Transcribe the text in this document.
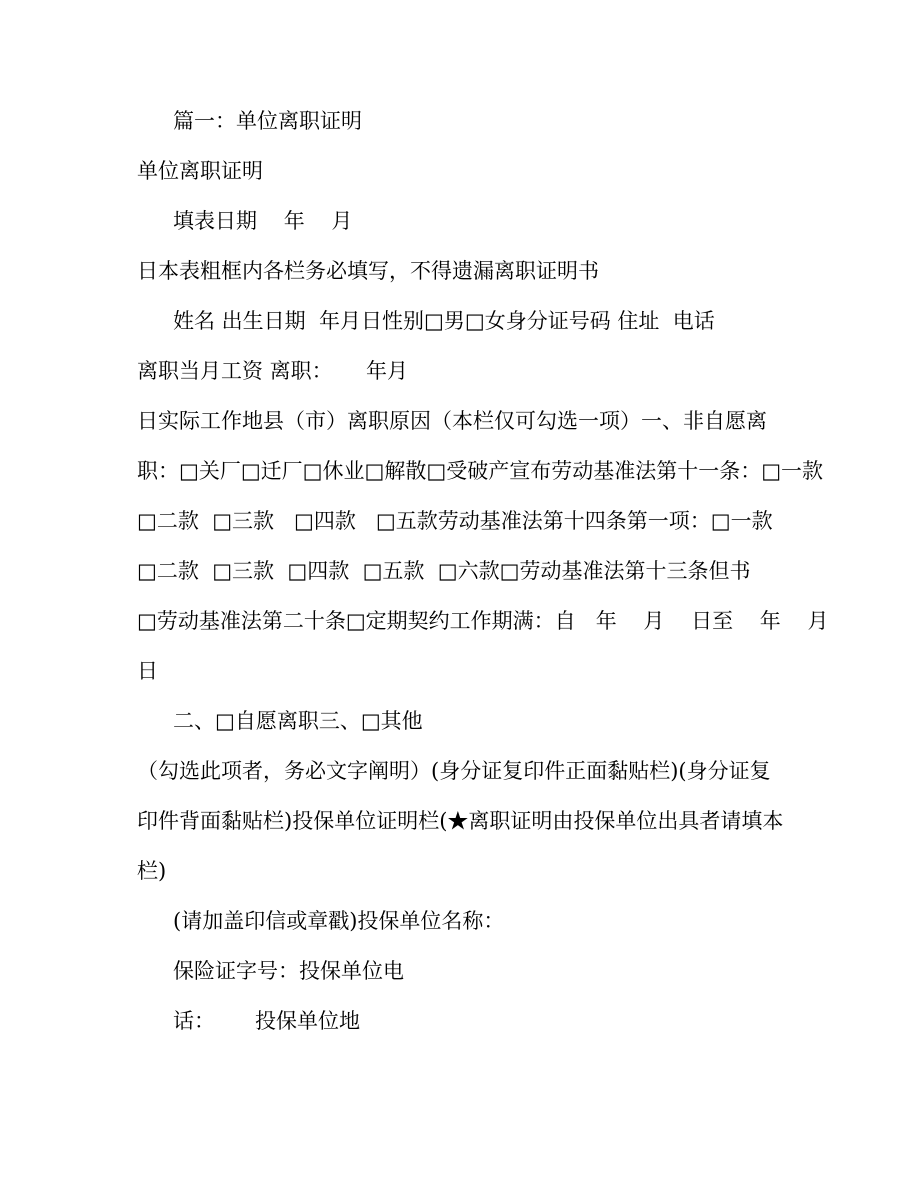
篇一：单位离职证明
单位离职证明
填表日期    年    月
日本表粗框内各栏务必填写，不得遗漏离职证明书
姓名 出生日期  年月日性别□男□女身分证号码 住址  电话
离职当月工资 离职：     年月
日实际工作地县（市）离职原因（本栏仅可勾选一项）一、非自愿离
职：□关厂□迁厂□休业□解散□受破产宣布劳动基准法第十一条：□一款
□二款  □三款   □四款   □五款劳动基准法第十四条第一项：□一款
□二款  □三款  □四款  □五款  □六款□劳动基准法第十三条但书
□劳动基准法第二十条□定期契约工作期满：自   年    月    日至    年    月
日
二、□自愿离职三、□其他
（勾选此项者，务必文字阐明）(身分证复印件正面黏贴栏)(身分证复
印件背面黏贴栏)投保单位证明栏(★离职证明由投保单位出具者请填本
栏)
(请加盖印信或章戳)投保单位名称：
保险证字号：投保单位电
话：      投保单位地
